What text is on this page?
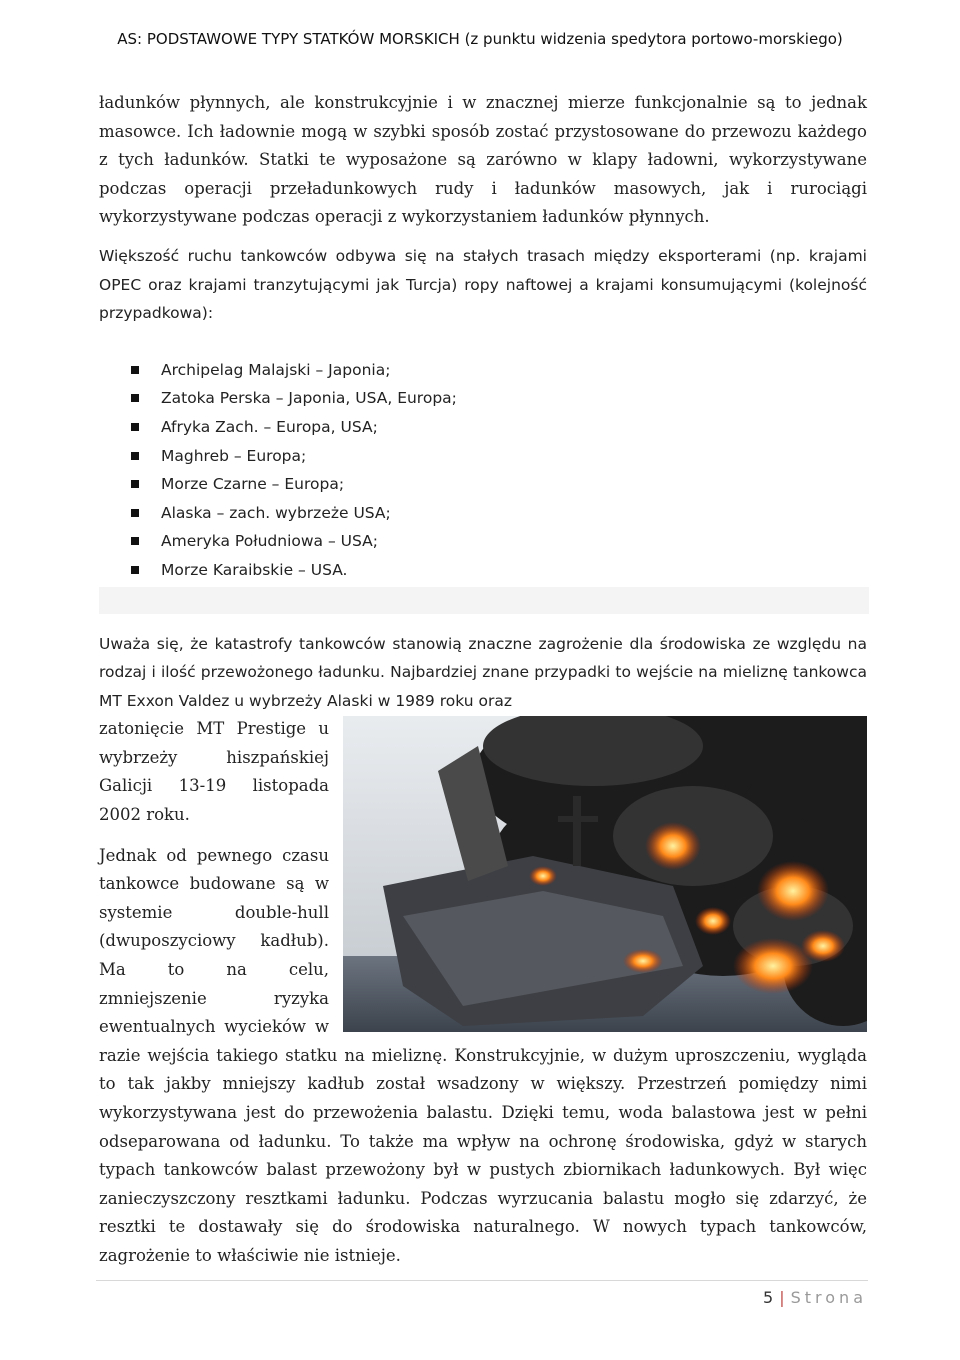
AS: PODSTAWOWE TYPY STATKÓW MORSKICH (z punktu widzenia spedytora portowo-morskiego)

ładunków płynnych, ale konstrukcyjnie i w znacznej mierze funkcjonalnie są to jednak masowce. Ich ładownie mogą w szybki sposób zostać przystosowane do przewozu każdego z tych ładunków. Statki te wyposażone są zarówno w klapy ładowni, wykorzystywane podczas operacji przeładunkowych rudy i ładunków masowych, jak i rurociągi wykorzystywane podczas operacji z wykorzystaniem ładunków płynnych.

Większość ruchu tankowców odbywa się na stałych trasach między eksporterami (np. krajami OPEC oraz krajami tranzytującymi jak Turcja) ropy naftowej a krajami konsumującymi (kolejność przypadkowa):

Archipelag Malajski – Japonia;
Zatoka Perska – Japonia, USA, Europa;
Afryka Zach. – Europa, USA;
Maghreb – Europa;
Morze Czarne – Europa;
Alaska – zach. wybrzeże USA;
Ameryka Południowa – USA;
Morze Karaibskie – USA.

Uważa się, że katastrofy tankowców stanowią znaczne zagrożenie dla środowiska ze względu na rodzaj i ilość przewożonego ładunku. Najbardziej znane przypadki to wejście na mieliznę tankowca MT Exxon Valdez u wybrzeży Alaski w 1989 roku oraz

zatonięcie MT Prestige u wybrzeży hiszpańskiej Galicji 13-19 listopada 2002 roku.

Jednak od pewnego czasu tankowce budowane są w systemie double-hull (dwuposzyciowy kadłub). Ma to na celu, zmniejszenie ryzyka ewentualnych wycieków w razie wejścia takiego statku na mieliznę. Konstrukcyjnie, w dużym uproszczeniu, wygląda to tak jakby mniejszy kadłub został wsadzony w większy. Przestrzeń pomiędzy nimi wykorzystywana jest do przewożenia balastu. Dzięki temu, woda balastowa jest w pełni odseparowana od ładunku. To także ma wpływ na ochronę środowiska, gdyż w starych typach tankowców balast przewożony był w pustych zbiornikach ładunkowych. Był więc zanieczyszczony resztkami ładunku. Podczas wyrzucania balastu mogło się zdarzyć, że resztki te dostawały się do środowiska naturalnego. W nowych typach tankowców, zagrożenie to właściwie nie istnieje.

5 | Strona
